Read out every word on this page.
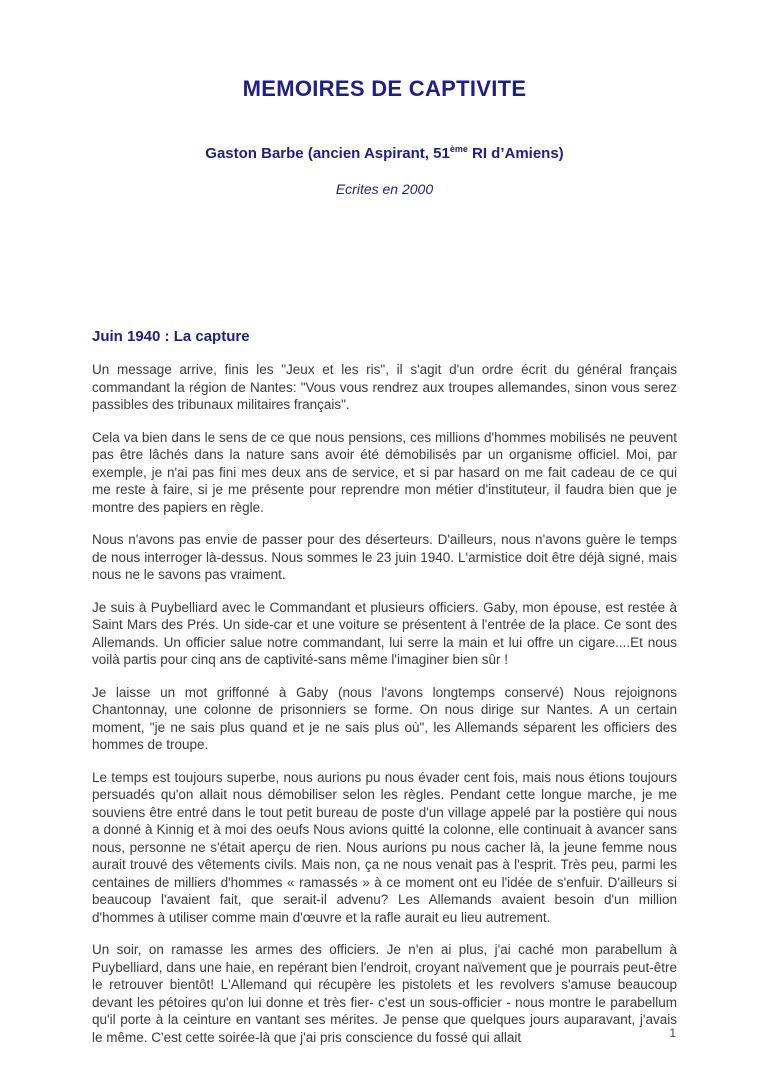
MEMOIRES DE CAPTIVITE
Gaston Barbe (ancien Aspirant, 51ème RI d’Amiens)
Ecrites en 2000
Juin 1940 : La capture

Un message arrive, finis les "Jeux et les ris", il s'agit d'un ordre écrit du général français commandant la région de Nantes: "Vous vous rendrez aux troupes allemandes, sinon vous serez passibles des tribunaux militaires français".

Cela va bien dans le sens de ce que nous pensions, ces millions d'hommes mobilisés ne peuvent pas être lâchés dans la nature sans avoir été démobilisés par un organisme officiel. Moi, par exemple, je n'ai pas fini mes deux ans de service, et si par hasard on me fait cadeau de ce qui me reste à faire, si je me présente pour reprendre mon métier d'instituteur, il faudra bien que je montre des papiers en règle.

Nous n'avons pas envie de passer pour des déserteurs. D'ailleurs, nous n'avons guère le temps de nous interroger là-dessus. Nous sommes le 23 juin 1940. L'armistice doit être déjà signé, mais nous ne le savons pas vraiment.

Je suis à Puybelliard avec le Commandant et plusieurs officiers. Gaby, mon épouse, est restée à Saint Mars des Prés. Un side-car et une voiture se présentent à l'entrée de la place. Ce sont des Allemands. Un officier salue notre commandant, lui serre la main et lui offre un cigare....Et nous voilà partis pour cinq ans de captivité-sans même l'imaginer bien sûr !

Je laisse un mot griffonné à Gaby (nous l'avons longtemps conservé) Nous rejoignons Chantonnay, une colonne de prisonniers se forme. On nous dirige sur Nantes. A un certain moment, "je ne sais plus quand et je ne sais plus où", les Allemands séparent les officiers des hommes de troupe.

Le temps est toujours superbe, nous aurions pu nous évader cent fois, mais nous étions toujours persuadés qu'on allait nous démobiliser selon les règles. Pendant cette longue marche, je me souviens être entré dans le tout petit bureau de poste d'un village appelé par la postière qui nous a donné à Kinnig et à moi des oeufs Nous avions quitté la colonne, elle continuait à avancer sans nous, personne ne s'était aperçu de rien. Nous aurions pu nous cacher là, la jeune femme nous aurait trouvé des vêtements civils. Mais non, ça ne nous venait pas à l'esprit. Très peu, parmi les centaines de milliers d'hommes « ramassés » à ce moment ont eu l'idée de s'enfuir. D'ailleurs si beaucoup l'avaient fait, que serait-il advenu? Les Allemands avaient besoin d'un million d'hommes à utiliser comme main d'œuvre et la rafle aurait eu lieu autrement.

Un soir, on ramasse les armes des officiers. Je n'en ai plus, j'ai caché mon parabellum à Puybelliard, dans une haie, en repérant bien l'endroit, croyant naïvement que je pourrais peut-être le retrouver bientôt! L'Allemand qui récupère les pistolets et les revolvers s'amuse beaucoup devant les pétoires qu'on lui donne et très fier- c'est un sous-officier - nous montre le parabellum qu'il porte à la ceinture en vantant ses mérites. Je pense que quelques jours auparavant, j'avais le même. C'est cette soirée-là que j'ai pris conscience du fossé qui allait	1
